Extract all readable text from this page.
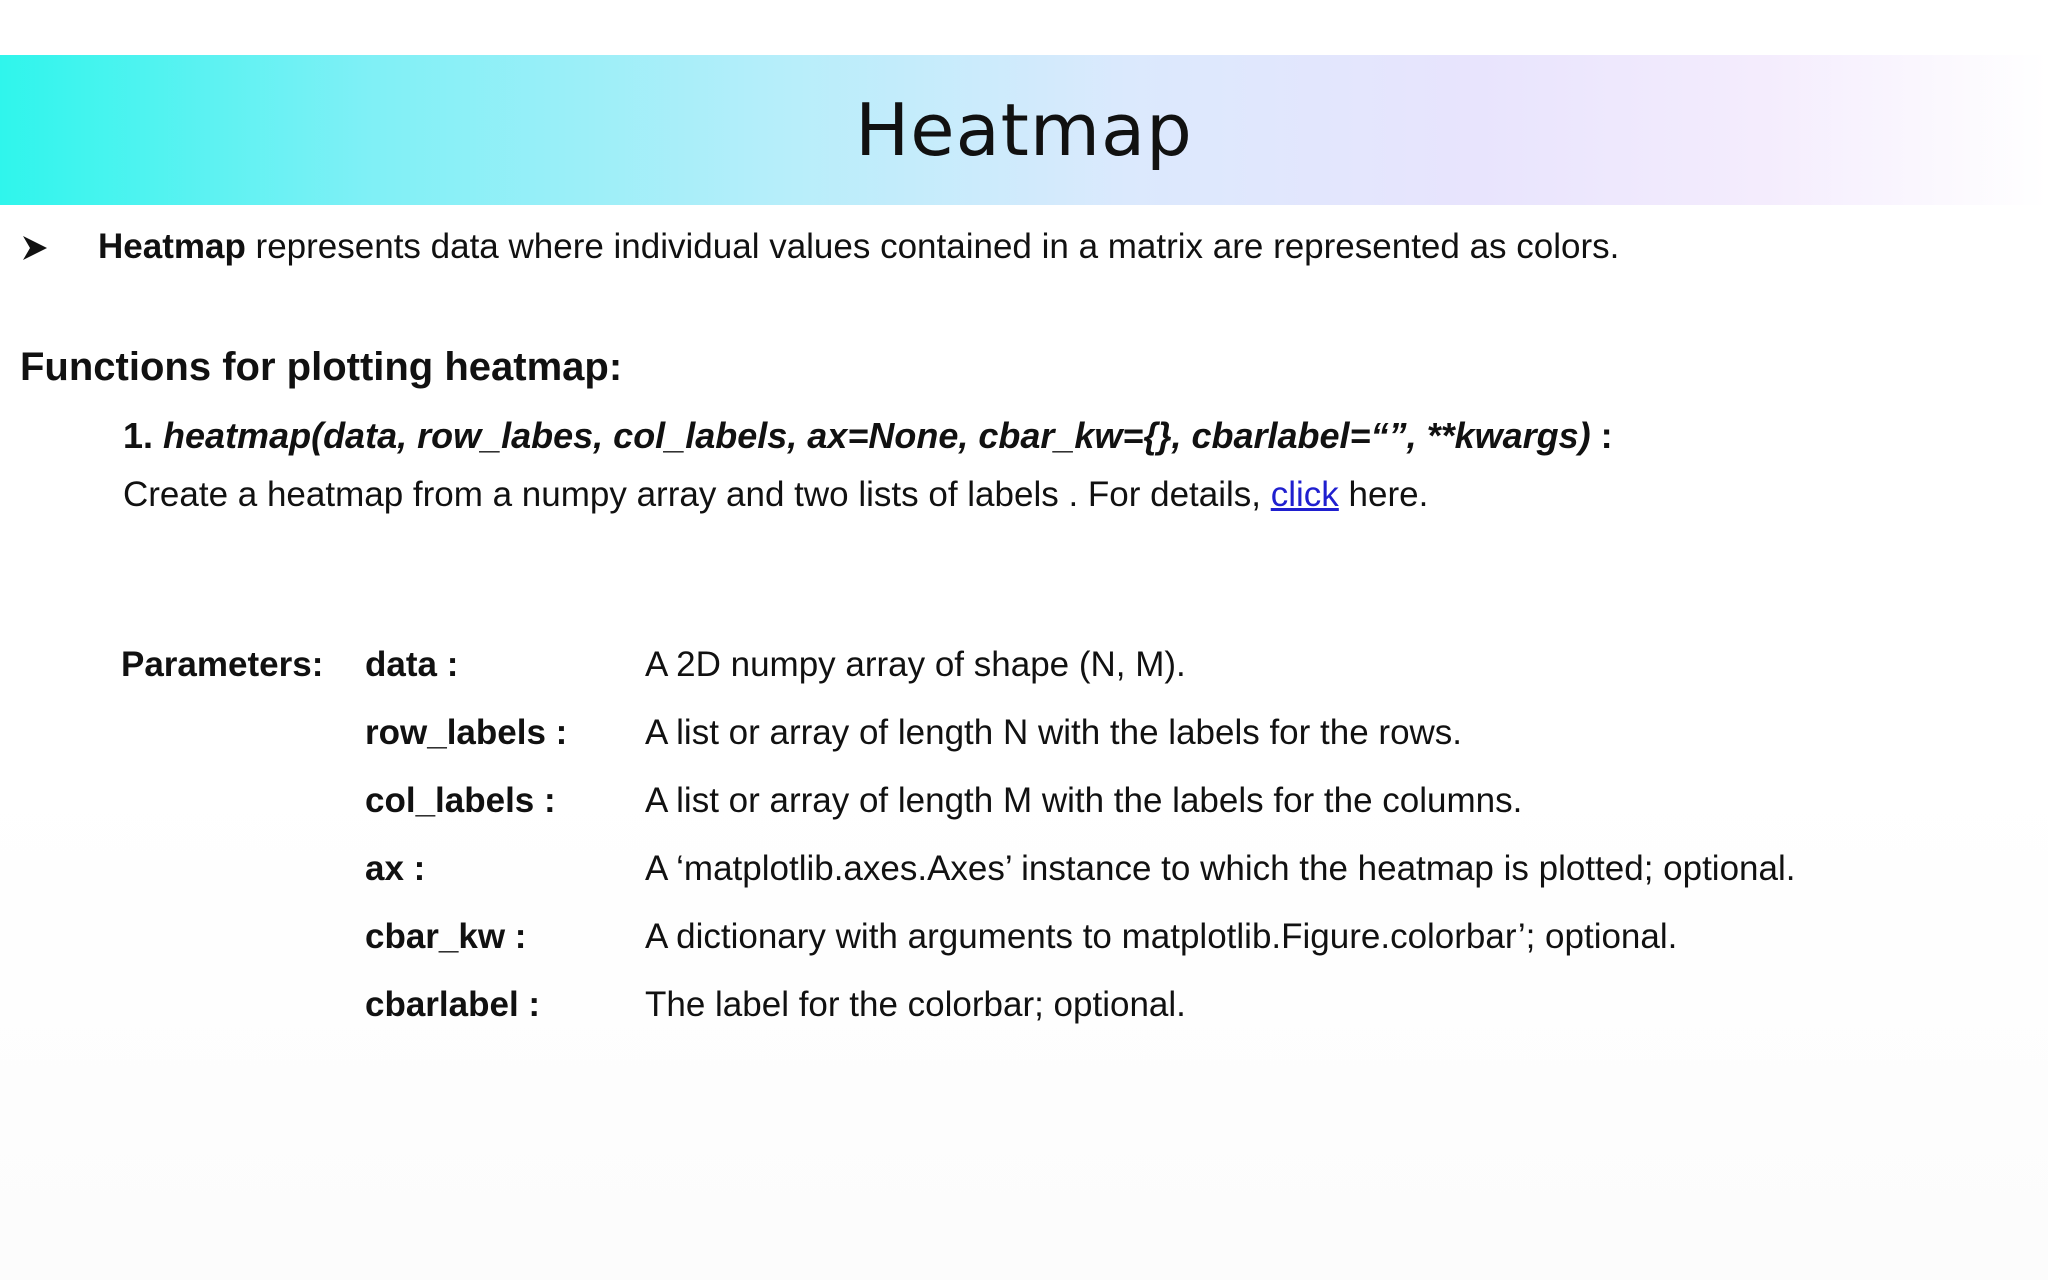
Heatmap
Heatmap represents data where individual values contained in a matrix are represented as colors.
Functions for plotting heatmap:
1. heatmap(data, row_labes, col_labels, ax=None, cbar_kw={}, cbarlabel=“”, **kwargs) :
Create a heatmap from a numpy array and two lists of labels . For details, click here.
Parameters: data :	A 2D numpy array of shape (N, M).
row_labels : A list or array of length N with the labels for the rows.
col_labels :	A list or array of length M with the labels for the columns.
ax :	A ‘matplotlib.axes.Axes’ instance to which the heatmap is plotted; optional.
cbar_kw :	A dictionary with arguments to matplotlib.Figure.colorbar’; optional.
cbarlabel :	The label for the colorbar; optional.
